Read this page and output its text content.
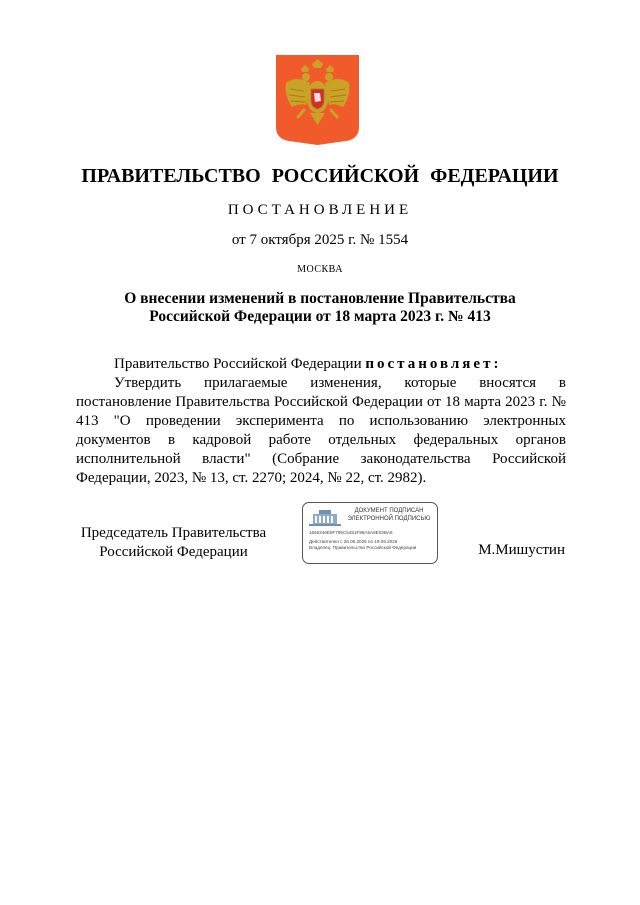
ПРАВИТЕЛЬСТВО РОССИЙСКОЙ ФЕДЕРАЦИИ
ПОСТАНОВЛЕНИЕ
от 7 октября 2025 г. № 1554
МОСКВА
О внесении изменений в постановление Правительства
Российской Федерации от 18 марта 2023 г. № 413

Правительство Российской Федерации постановляет:

Утвердить прилагаемые изменения, которые вносятся в постановление Правительства Российской Федерации от 18 марта 2023 г. № 413 "О проведении эксперимента по использованию электронных документов в кадровой работе отдельных федеральных органов исполнительной власти" (Собрание законодательства Российской Федерации, 2023, № 13, ст. 2270; 2024, № 22, ст. 2982).

Председатель Правительства
Российской Федерации
ДОКУМЕНТ ПОДПИСАН
ЭЛЕКТРОННОЙ ПОДПИСЬЮ
1666246E8F795C5451F88A5A8E03BA6
Действителен с 26.06.2025 по 19.09.2026
Владелец: Правительство Российской Федерации	М.Мишустин
